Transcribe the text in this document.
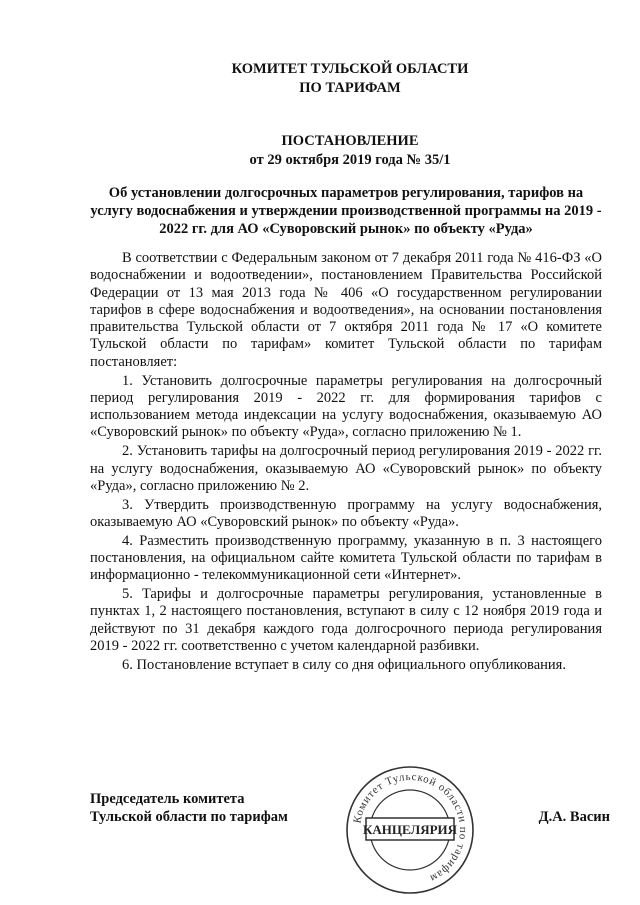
КОМИТЕТ ТУЛЬСКОЙ ОБЛАСТИ
ПО ТАРИФАМ
ПОСТАНОВЛЕНИЕ
от 29 октября 2019 года № 35/1
Об установлении долгосрочных параметров регулирования, тарифов на услугу водоснабжения и утверждении производственной программы на 2019 - 2022 гг. для АО «Суворовский рынок» по объекту «Руда»

В соответствии с Федеральным законом от 7 декабря 2011 года № 416-ФЗ «О водоснабжении и водоотведении», постановлением Правительства Российской Федерации от 13 мая 2013 года № 406 «О государственном регулировании тарифов в сфере водоснабжения и водоотведения», на основании постановления правительства Тульской области от 7 октября 2011 года № 17 «О комитете Тульской области по тарифам» комитет Тульской области по тарифам постановляет:

1. Установить долгосрочные параметры регулирования на долгосрочный период регулирования 2019 - 2022 гг. для формирования тарифов с использованием метода индексации на услугу водоснабжения, оказываемую АО «Суворовский рынок» по объекту «Руда», согласно приложению № 1.

2. Установить тарифы на долгосрочный период регулирования 2019 - 2022 гг. на услугу водоснабжения, оказываемую АО «Суворовский рынок» по объекту «Руда», согласно приложению № 2.

3. Утвердить производственную программу на услугу водоснабжения, оказываемую АО «Суворовский рынок» по объекту «Руда».

4. Разместить производственную программу, указанную в п. 3 настоящего постановления, на официальном сайте комитета Тульской области по тарифам в информационно - телекоммуникационной сети «Интернет».

5. Тарифы и долгосрочные параметры регулирования, установленные в пунктах 1, 2 настоящего постановления, вступают в силу с 12 ноября 2019 года и действуют по 31 декабря каждого года долгосрочного периода регулирования 2019 - 2022 гг. соответственно с учетом календарной разбивки.

6. Постановление вступает в силу со дня официального опубликования.

Председатель комитета
Тульской области по тарифам	Комитет Тульской области по тарифам
КАНЦЕЛЯРИЯ
Д.А. Васин
